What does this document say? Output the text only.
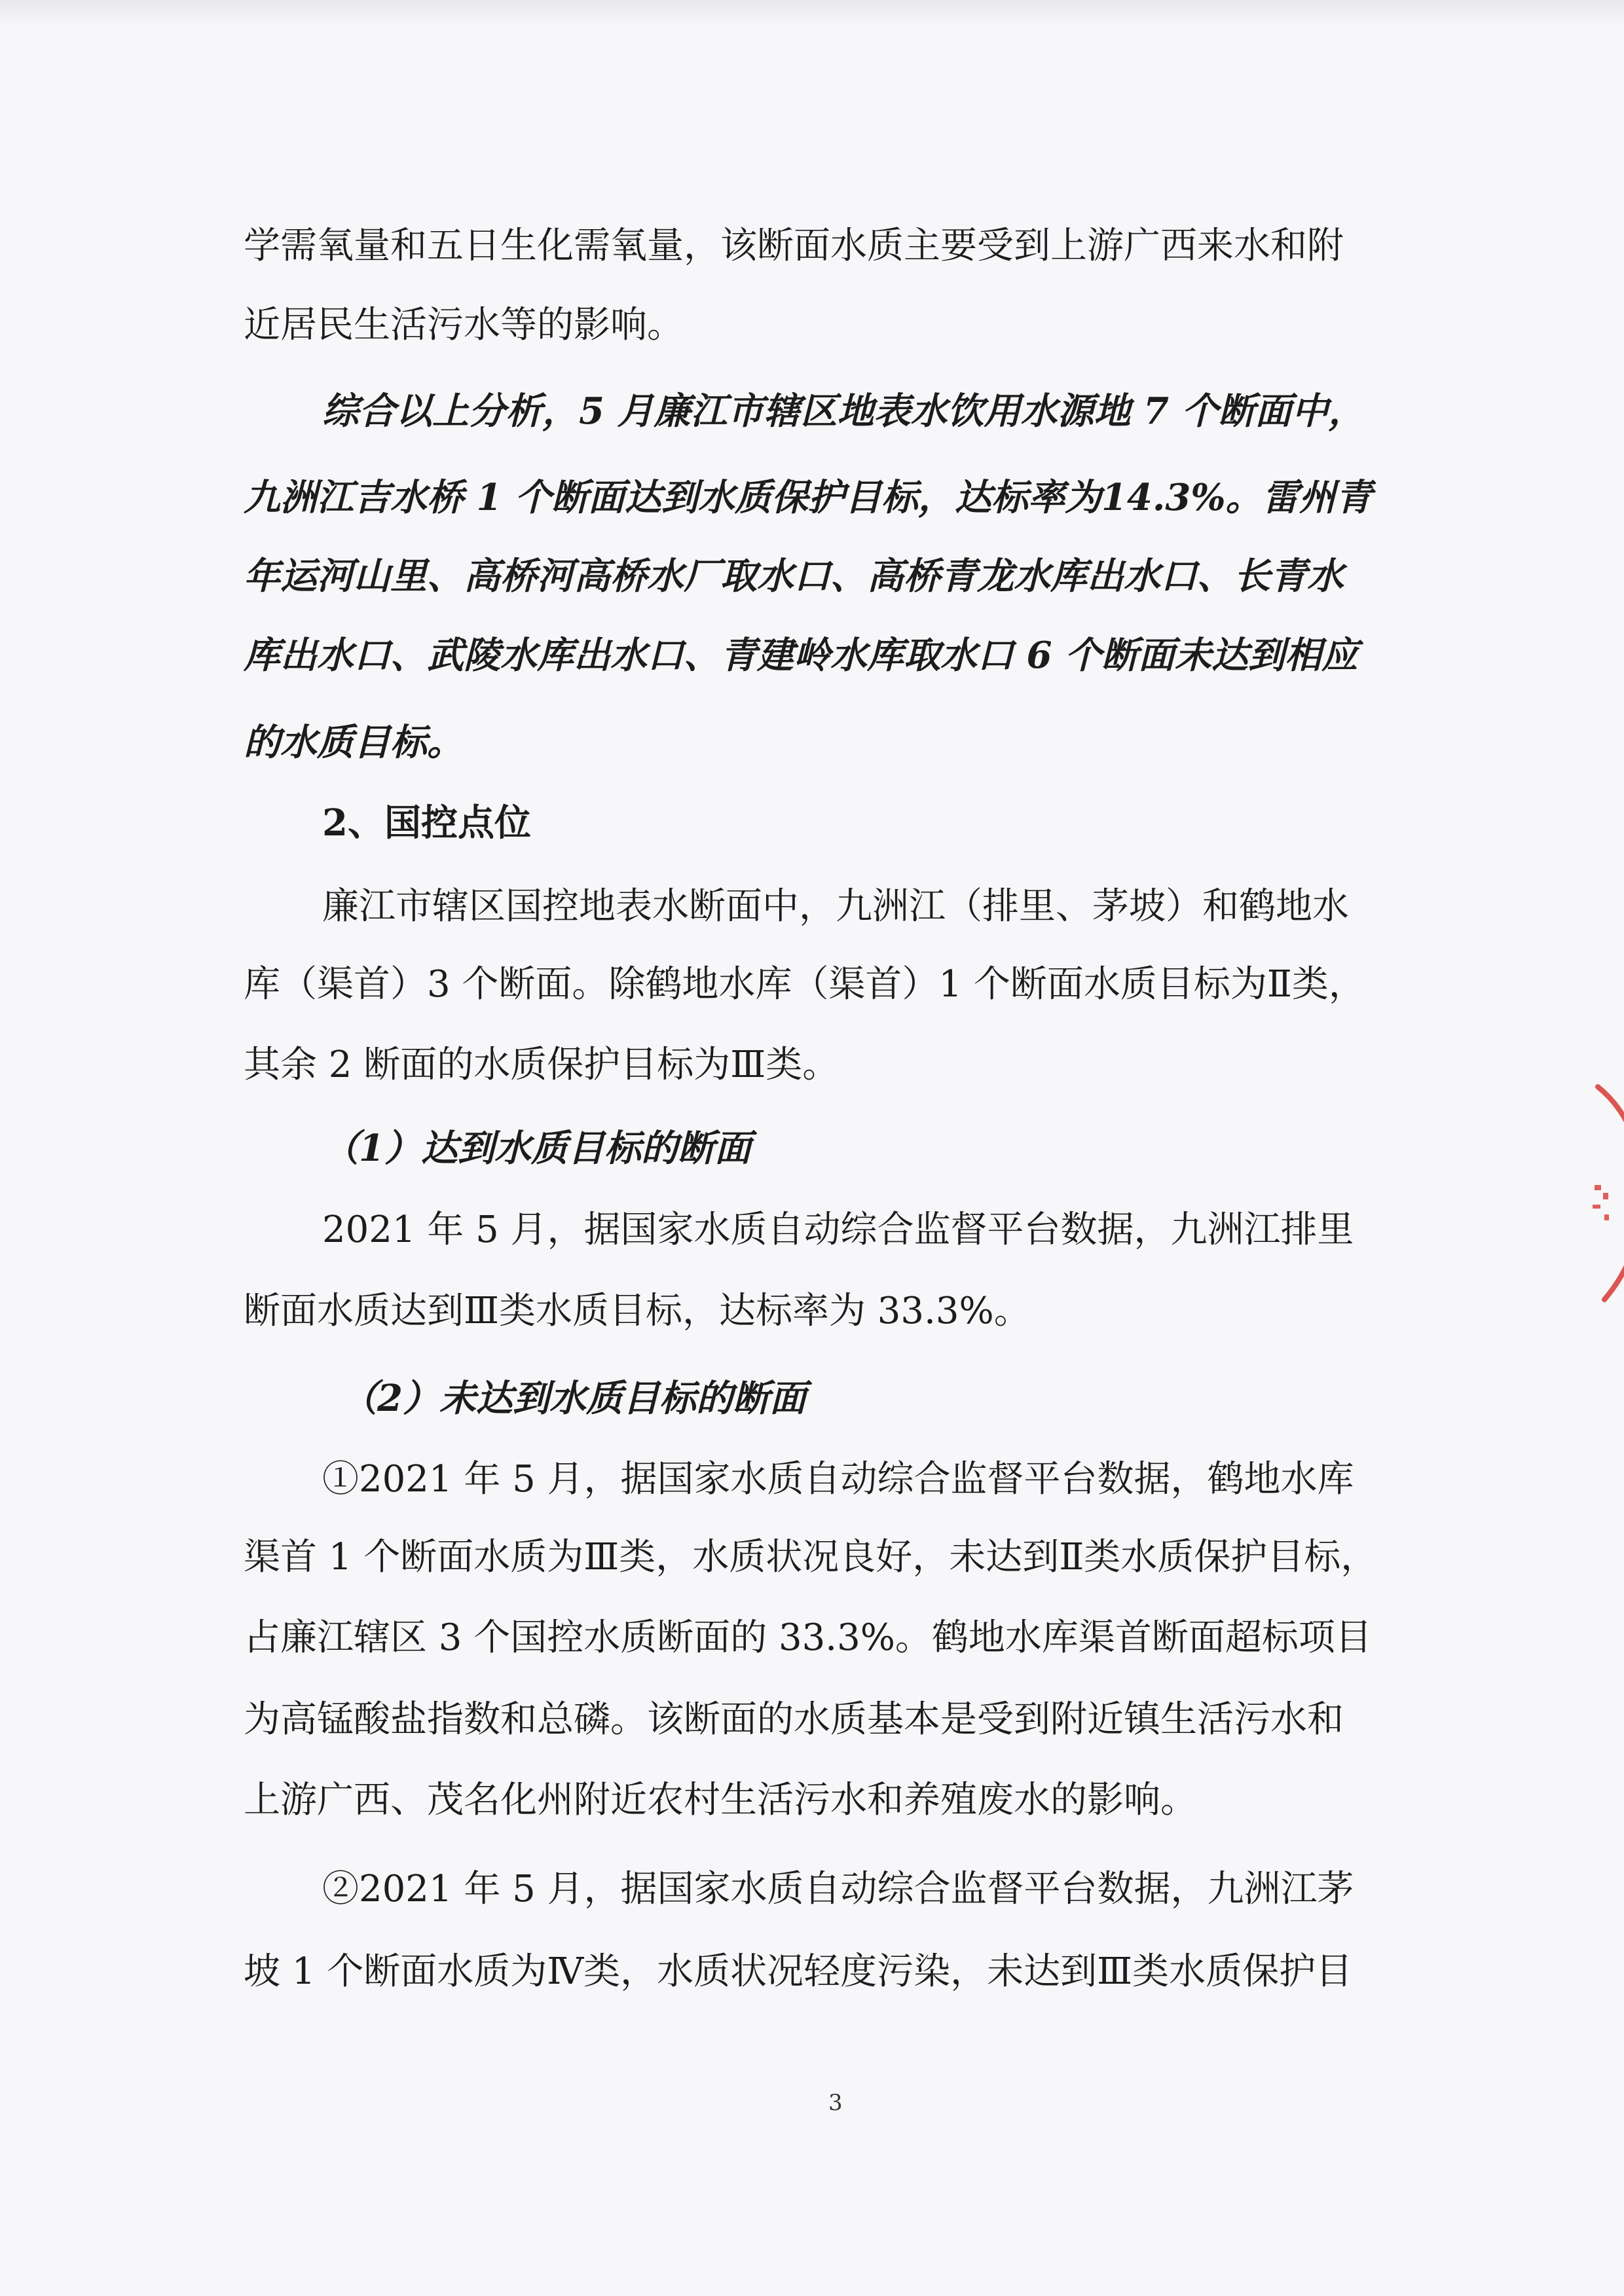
学需氧量和五日生化需氧量，该断面水质主要受到上游广西来水和附
近居民生活污水等的影响。
综合以上分析，5 月廉江市辖区地表水饮用水源地 7 个断面中，
九洲江吉水桥 1 个断面达到水质保护目标，达标率为14.3%。雷州青
年运河山里、高桥河高桥水厂取水口、高桥青龙水库出水口、长青水
库出水口、武陵水库出水口、青建岭水库取水口 6 个断面未达到相应
的水质目标。
2、国控点位
廉江市辖区国控地表水断面中，九洲江（排里、茅坡）和鹤地水
库（渠首）3 个断面。除鹤地水库（渠首）1 个断面水质目标为Ⅱ类，
其余 2 断面的水质保护目标为Ⅲ类。
（1）达到水质目标的断面
2021 年 5 月，据国家水质自动综合监督平台数据，九洲江排里
断面水质达到Ⅲ类水质目标，达标率为 33.3%。
（2）未达到水质目标的断面
①2021 年 5 月，据国家水质自动综合监督平台数据，鹤地水库
渠首 1 个断面水质为Ⅲ类，水质状况良好，未达到Ⅱ类水质保护目标，
占廉江辖区 3 个国控水质断面的 33.3%。鹤地水库渠首断面超标项目
为高锰酸盐指数和总磷。该断面的水质基本是受到附近镇生活污水和
上游广西、茂名化州附近农村生活污水和养殖废水的影响。
②2021 年 5 月，据国家水质自动综合监督平台数据，九洲江茅
坡 1 个断面水质为Ⅳ类，水质状况轻度污染，未达到Ⅲ类水质保护目
3
